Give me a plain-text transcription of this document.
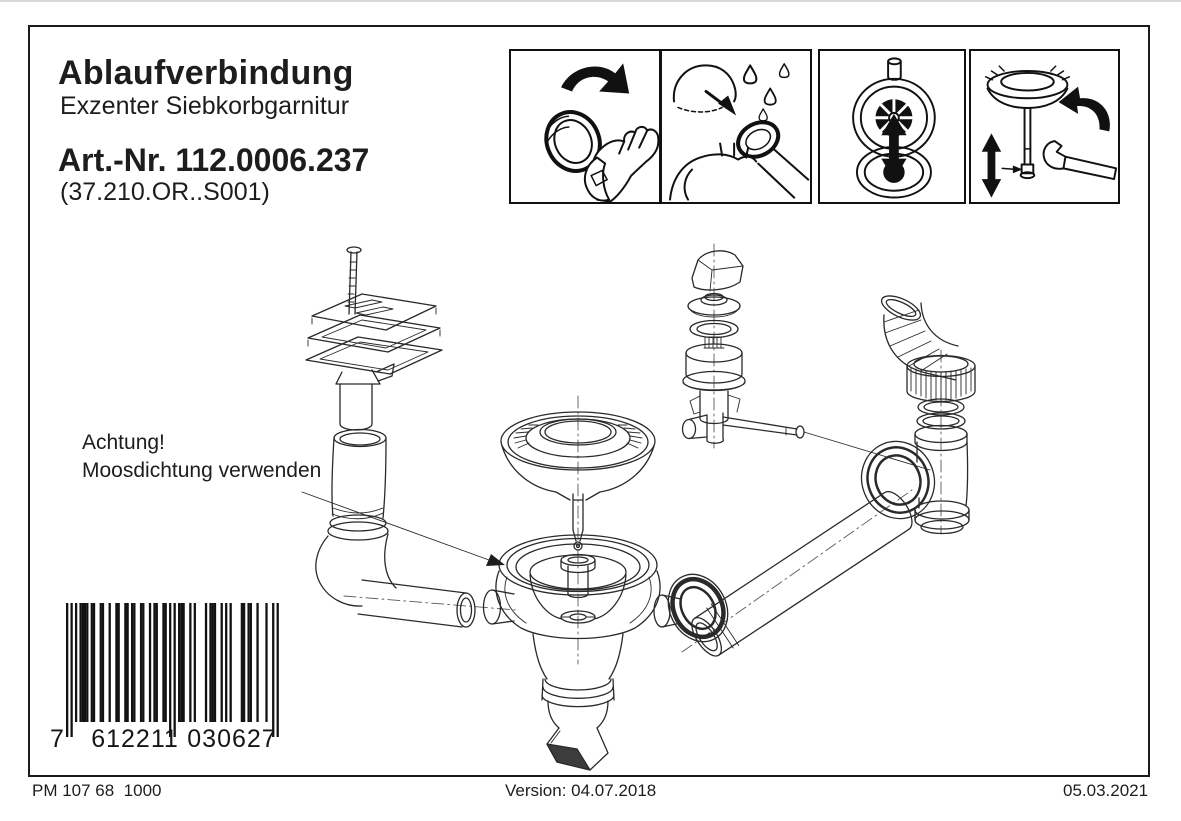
Ablaufverbindung
Exzenter Siebkorbgarnitur
Art.-Nr. 112.0006.237
(37.210.OR..S001)
Achtung!
Moosdichtung verwenden
7 612211 030627
PM 107 68  1000	Version: 04.07.2018	05.03.2021
